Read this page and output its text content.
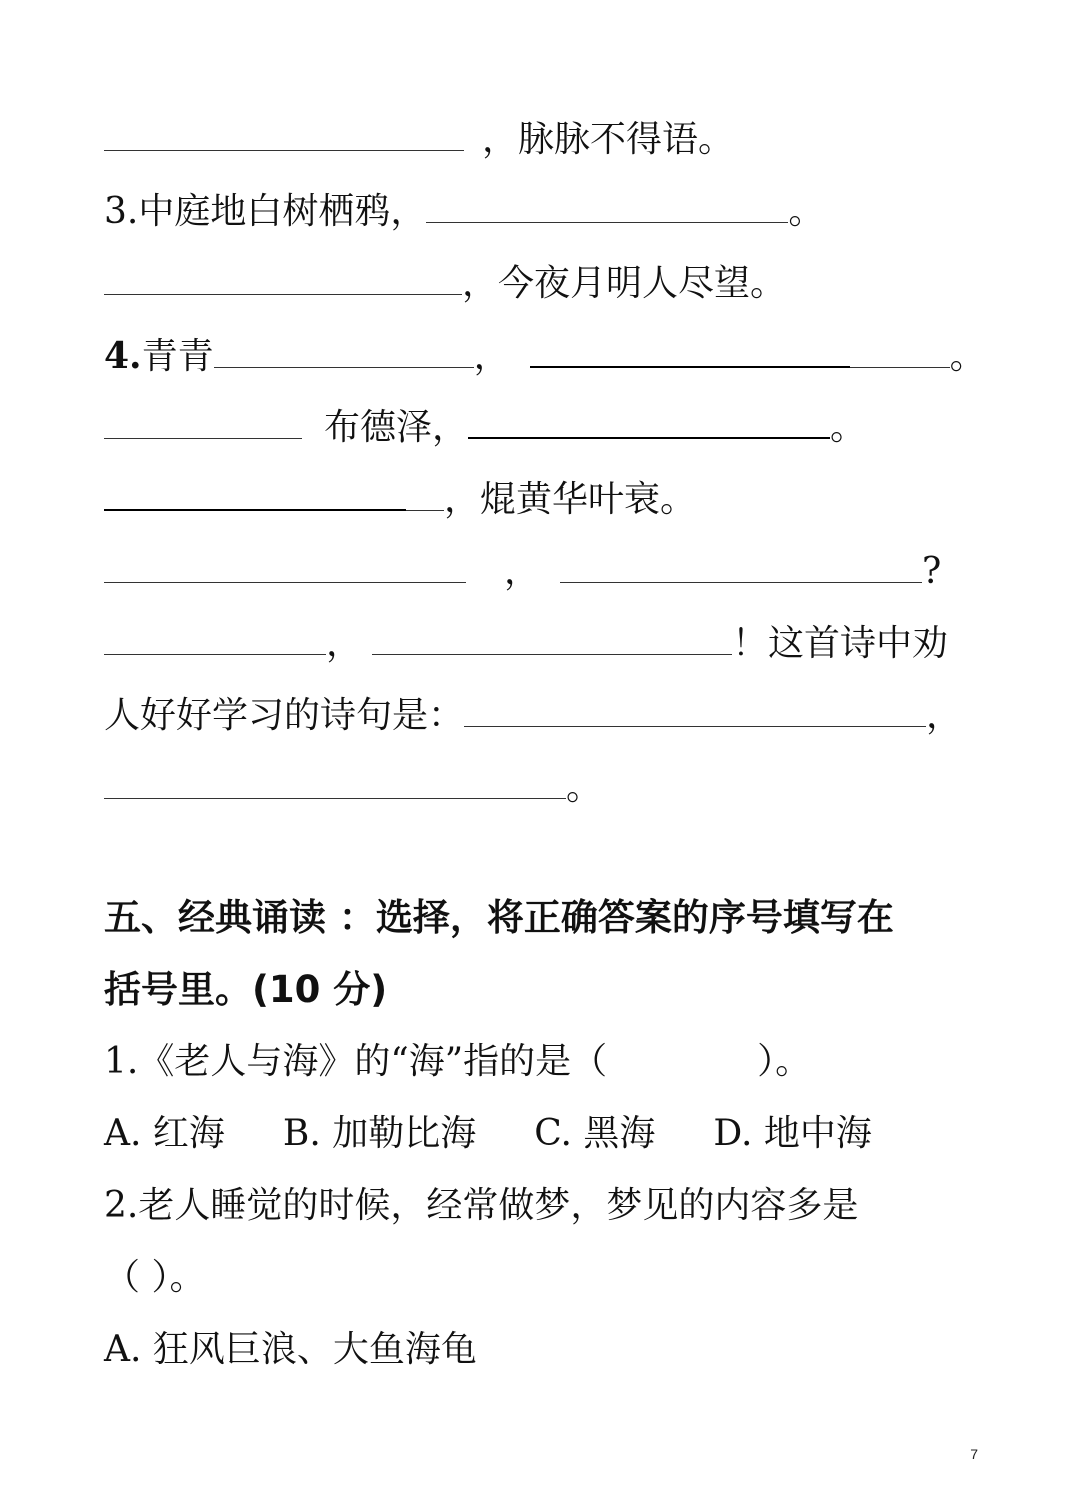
，脉脉不得语。
3.中庭地白树栖鸦，	。
，今夜月明人尽望。
4.青青	，	。
布德泽，	。
，焜黄华叶衰。
，	?
，	！这首诗中劝
人好好学习的诗句是：	，
。
五、经典诵读 ：选择，将正确答案的序号填写在
括号里。(10 分)
1.《老人与海》的“海”指的是（	）。
A. 红海 B. 加勒比海 C. 黑海 D. 地中海
2.老人睡觉的时候，经常做梦，梦见的内容多是
（ ）。
A. 狂风巨浪、大鱼海龟
7
